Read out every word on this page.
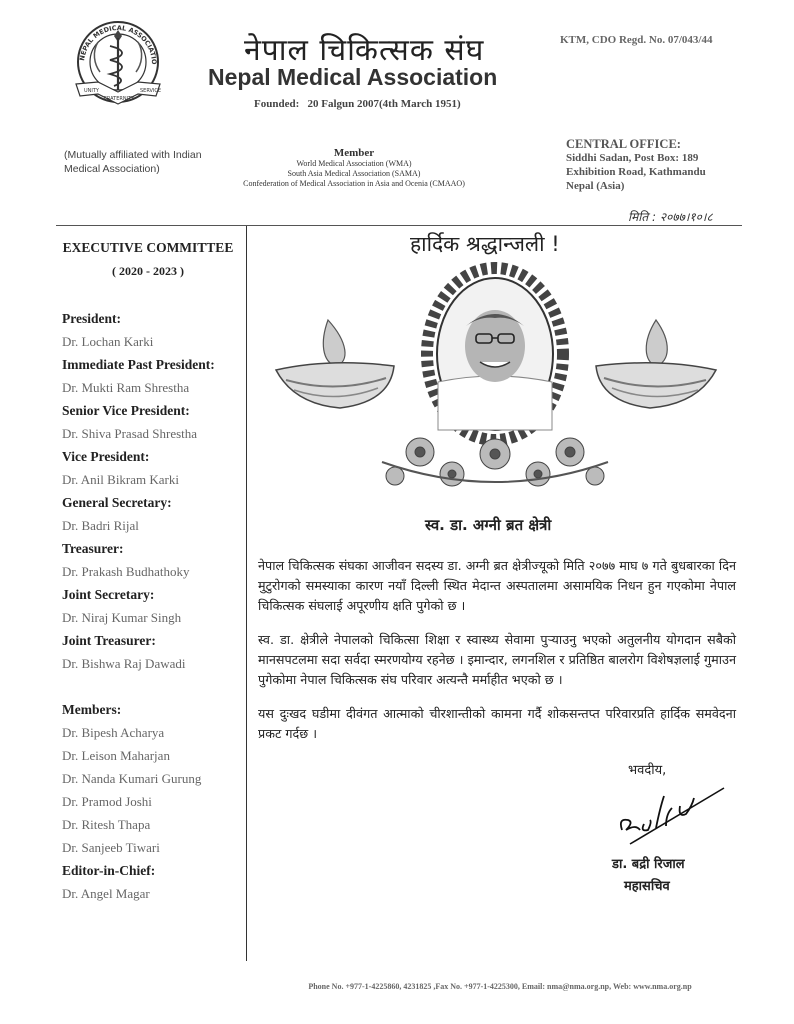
NEPAL MEDICAL ASSOCIATIO
UNITY
FRATERNITY
SERVICE
नेपाल चिकित्सक संघ
Nepal Medical Association
Founded: 20 Falgun 2007(4th March 1951)
KTM, CDO Regd. No. 07/043/44
(Mutually affiliated with Indian Medical Association)
Member
World Medical Association (WMA)
South Asia Medical Association (SAMA)
Confederation of Medical Association in Asia and Ocenia (CMAAO)
CENTRAL OFFICE:
Siddhi Sadan, Post Box: 189
Exhibition Road, Kathmandu
Nepal (Asia)
मिति : २०७७।१०।८
EXECUTIVE COMMITTEE
( 2020 - 2023 )
President:
Dr. Lochan Karki
Immediate Past President:
Dr. Mukti Ram Shrestha
Senior Vice President:
Dr. Shiva Prasad Shrestha
Vice President:
Dr. Anil Bikram Karki
General Secretary:
Dr. Badri Rijal
Treasurer:
Dr. Prakash Budhathoky
Joint Secretary:
Dr. Niraj Kumar Singh
Joint Treasurer:
Dr. Bishwa Raj Dawadi
Members:
Dr. Bipesh Acharya
Dr. Leison Maharjan
Dr. Nanda Kumari Gurung
Dr. Pramod Joshi
Dr. Ritesh Thapa
Dr. Sanjeeb Tiwari
Editor-in-Chief:
Dr. Angel Magar
हार्दिक श्रद्धान्जली !
स्व. डा. अग्नी ब्रत क्षेत्री

नेपाल चिकित्सक संघका आजीवन सदस्य डा. अग्नी ब्रत क्षेत्रीज्यूको मिति २०७७ माघ ७ गते बुधबारका दिन मुटुरोगको समस्याका कारण नयाँ दिल्ली स्थित मेदान्त अस्पतालमा असामयिक निधन हुन गएकोमा नेपाल चिकित्सक संघलाई अपूरणीय क्षति पुगेको छ ।

स्व. डा. क्षेत्रीले नेपालको चिकित्सा शिक्षा र स्वास्थ्य सेवामा पुऱ्याउनु भएको अतुलनीय योगदान सबैको मानसपटलमा सदा सर्वदा स्मरणयोग्य रहनेछ । इमान्दार, लगनशिल र प्रतिष्ठित बालरोग विशेषज्ञलाई गुमाउन पुगेकोमा नेपाल चिकित्सक संघ परिवार अत्यन्तै मर्माहीत भएको छ ।

यस दुःखद घडीमा दीवंगत आत्माको चीरशान्तीको कामना गर्दै शोकसन्तप्त परिवारप्रति हार्दिक समवेदना प्रकट गर्दछ ।

भवदीय,
डा. बद्री रिजाल
महासचिव
Phone No. +977-1-4225860, 4231825 ,Fax No. +977-1-4225300, Email: nma@nma.org.np, Web: www.nma.org.np
